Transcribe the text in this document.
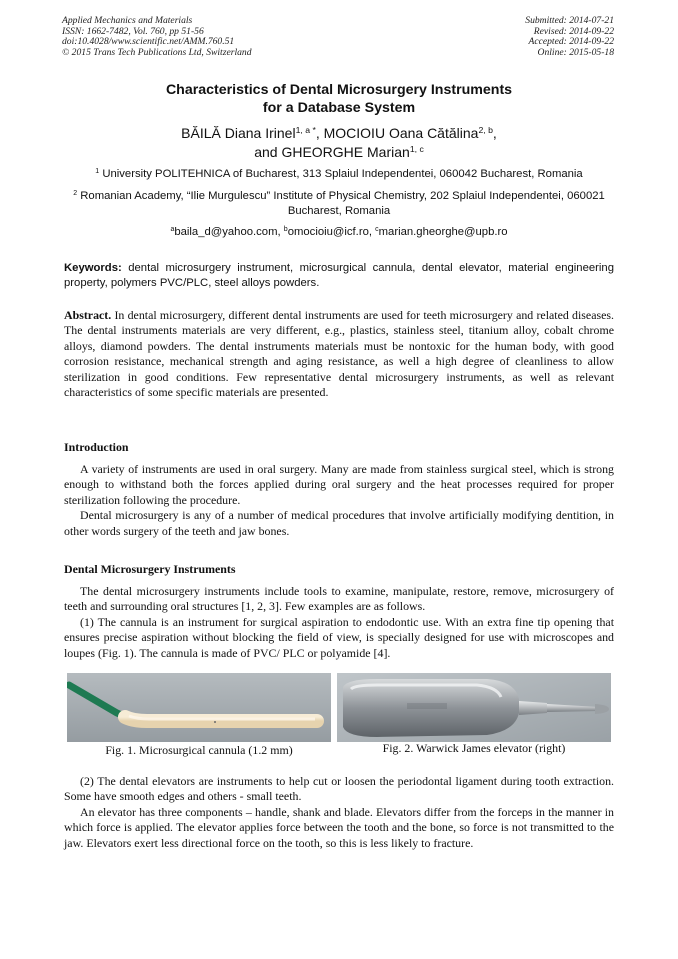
Applied Mechanics and Materials
ISSN: 1662-7482, Vol. 760, pp 51-56
doi:10.4028/www.scientific.net/AMM.760.51
© 2015 Trans Tech Publications Ltd, Switzerland
Submitted: 2014-07-21
Revised: 2014-09-22
Accepted: 2014-09-22
Online: 2015-05-18
Characteristics of Dental Microsurgery Instruments
for a Database System
BĂILĂ Diana Irinel$^{1, a *}$, MOCIOIU Oana Cătălina$^{2, b}$,
and GHEORGHE Marian$^{1, c}$
$^1$ University POLITEHNICA of Bucharest, 313 Splaiul Independentei, 060042 Bucharest, Romania
$^2$ Romanian Academy, “Ilie Murgulescu” Institute of Physical Chemistry, 202 Splaiul Independentei, 060021 Bucharest, Romania
$^a$baila_d@yahoo.com, $^b$omocioiu@icf.ro, $^c$marian.gheorghe@upb.ro
Keywords: dental microsurgery instrument, microsurgical cannula, dental elevator, material engineering property, polymers PVC/PLC, steel alloys powders.

Abstract. In dental microsurgery, different dental instruments are used for teeth microsurgery and related diseases. The dental instruments materials are very different, e.g., plastics, stainless steel, titanium alloy, cobalt chrome alloys, diamond powders. The dental instruments materials must be nontoxic for the human body, with good corrosion resistance, mechanical strength and aging resistance, as well a high degree of cleanliness to allow sterilization in good conditions. Few representative dental microsurgery instruments, as well as relevant characteristics of some specific materials are presented.

Introduction

A variety of instruments are used in oral surgery. Many are made from stainless surgical steel, which is strong enough to withstand both the forces applied during oral surgery and the heat processes required for proper sterilization following the procedure.

Dental microsurgery is any of a number of medical procedures that involve artificially modifying dentition, in other words surgery of the teeth and jaw bones.

Dental Microsurgery Instruments

The dental microsurgery instruments include tools to examine, manipulate, restore, remove, microsurgery of teeth and surrounding oral structures [1, 2, 3]. Few examples are as follows.

(1) The cannula is an instrument for surgical aspiration to endodontic use. With an extra fine tip opening that ensures precise aspiration without blocking the field of view, is specially designed for use with microscopes and loupes (Fig. 1). The cannula is made of PVC/ PLC or polyamide [4].

Fig. 1. Microsurgical cannula (1.2 mm)	Fig. 2. Warwick James elevator (right)

(2) The dental elevators are instruments to help cut or loosen the periodontal ligament during tooth extraction. Some have smooth edges and others - small teeth.

An elevator has three components – handle, shank and blade. Elevators differ from the forceps in the manner in which force is applied. The elevator applies force between the tooth and the bone, so force is not transmitted to the jaw. Elevators exert less directional force on the tooth, so this is less likely to fracture.
